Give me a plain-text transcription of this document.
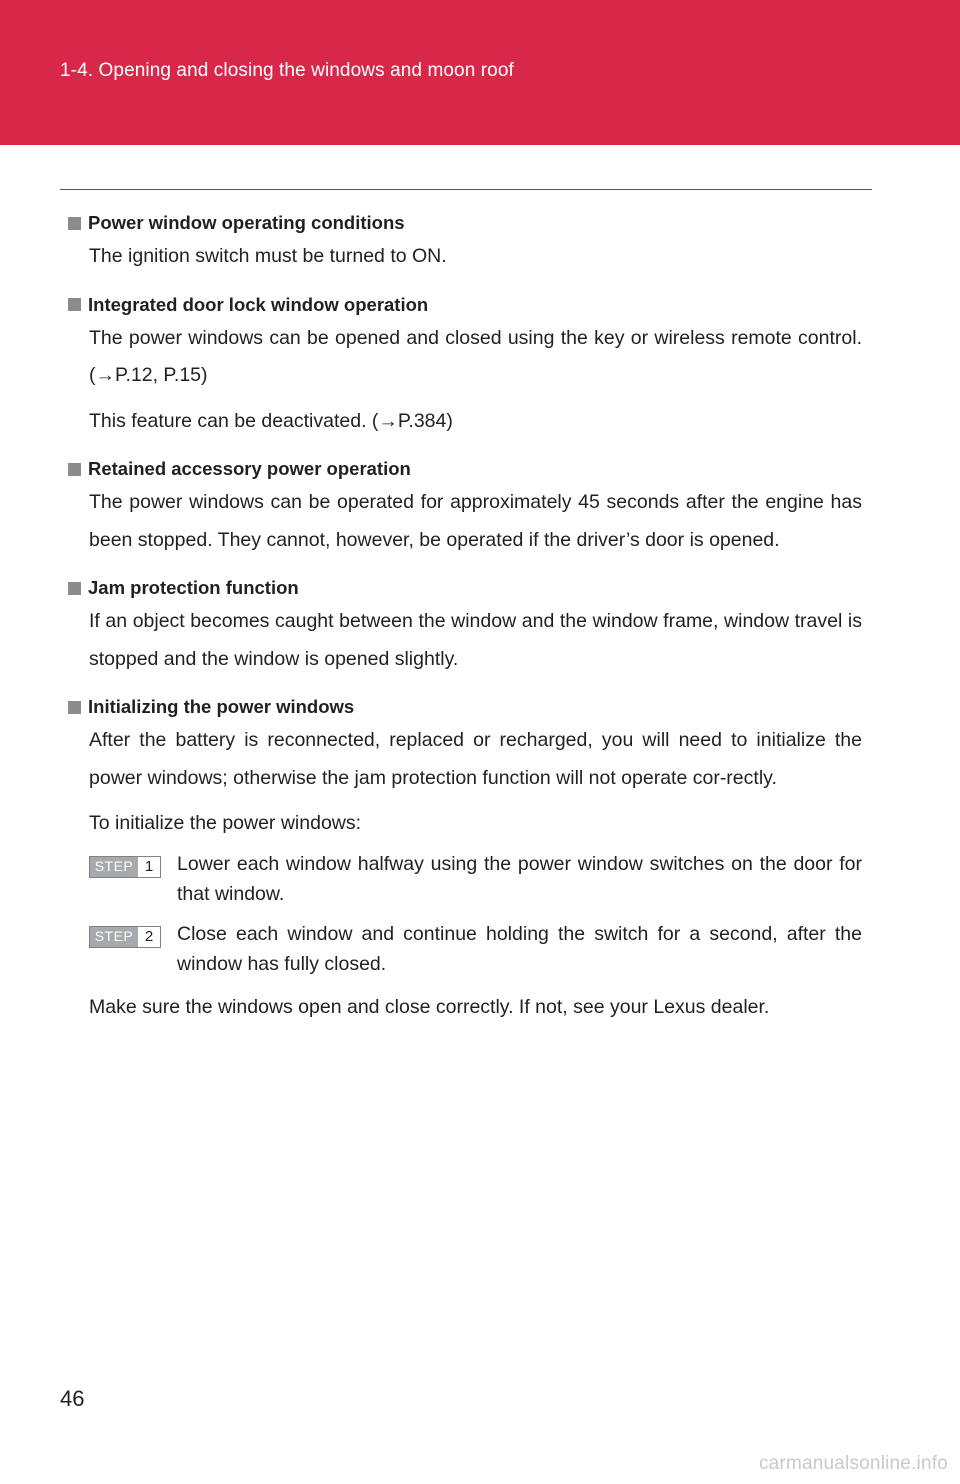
1-4. Opening and closing the windows and moon roof
Power window operating conditions

The ignition switch must be turned to ON.

Integrated door lock window operation

The power windows can be opened and closed using the key or wireless remote control. (→P.12, P.15)

This feature can be deactivated. (→P.384)

Retained accessory power operation

The power windows can be operated for approximately 45 seconds after the engine has been stopped. They cannot, however, be operated if the driver’s door is opened.

Jam protection function

If an object becomes caught between the window and the window frame, window travel is stopped and the window is opened slightly.

Initializing the power windows

After the battery is reconnected, replaced or recharged, you will need to initialize the power windows; otherwise the jam protection function will not operate cor-rectly.

To initialize the power windows:

STEP 1	Lower each window halfway using the power window switches on the door for that window.
STEP 2	Close each window and continue holding the switch for a second, after the window has fully closed.

Make sure the windows open and close correctly. If not, see your Lexus dealer.

46
carmanualsonline.info
